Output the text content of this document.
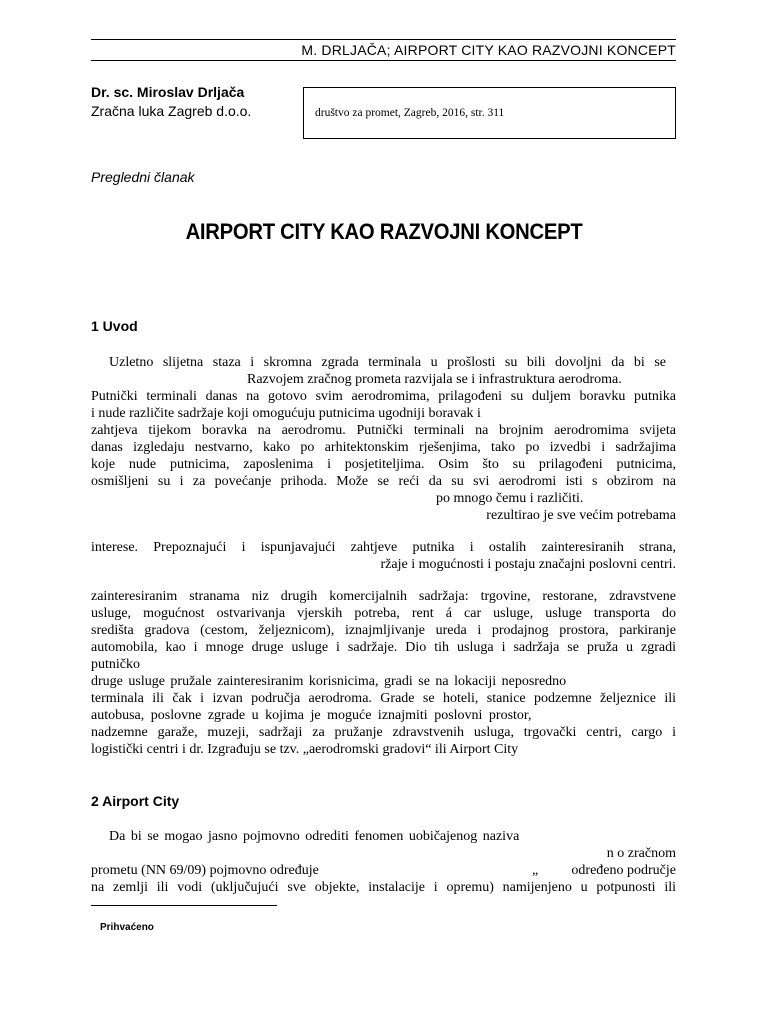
M. DRLJAČA; AIRPORT CITY KAO RAZVOJNI KONCEPT
Dr. sc. Miroslav Drljača
Zračna luka Zagreb d.o.o.	društvo za promet, Zagreb, 2016, str. 311
Pregledni članak
AIRPORT CITY KAO RAZVOJNI KONCEPT
1 Uvod
Uzletno slijetna staza i skromna zgrada terminala u prošlosti su bili dovoljni da bi se
Razvojem zračnog prometa razvijala se i infrastruktura aerodroma.
Putnički terminali danas na gotovo svim aerodromima, prilagođeni su duljem boravku putnika
i nude različite sadržaje koji omogućuju putnicima ugodniji boravak i
zahtjeva tijekom boravka na aerodromu. Putnički terminali na brojnim aerodromima svijeta
danas izgledaju nestvarno, kako po arhitektonskim rješenjima, tako po izvedbi i sadržajima
koje nude putnicima, zaposlenima i posjetiteljima. Osim što su prilagođeni putnicima,
osmišljeni su i za povećanje prihoda. Može se reći da su svi aerodromi isti s obzirom na
po mnogo čemu i različiti.
rezultirao je sve većim potrebama
interese. Prepoznajući i ispunjavajući zahtjeve putnika i ostalih zainteresiranih strana,
ržaje i mogućnosti i postaju značajni poslovni centri.
zainteresiranim stranama niz drugih komercijalnih sadržaja: trgovine, restorane, zdravstvene
usluge, mogućnost ostvarivanja vjerskih potreba, rent á car usluge, usluge transporta do
središta gradova (cestom, željeznicom), iznajmljivanje ureda i prodajnog prostora, parkiranje
automobila, kao i mnoge druge usluge i sadržaje. Dio tih usluga i sadržaja se pruža u zgradi
putničko
druge usluge pružale zainteresiranim korisnicima, gradi se na lokaciji neposredno
terminala ili čak i izvan područja aerodroma. Grade se hoteli, stanice podzemne željeznice ili
autobusa, poslovne zgrade u kojima je moguće iznajmiti poslovni prostor,
nadzemne garaže, muzeji, sadržaji za pružanje zdravstvenih usluga, trgovački centri, cargo i
logistički centri i dr. Izgrađuju se tzv. „aerodromski gradovi“ ili Airport City
2 Airport City
Da bi se mogao jasno pojmovno odrediti fenomen uobičajenog naziva
n o zračnom
prometu (NN 69/09) pojmovno određuje	„	određeno područje
na zemlji ili vodi (uključujući sve objekte, instalacije i opremu) namijenjeno u potpunosti ili
Prihvaćeno
